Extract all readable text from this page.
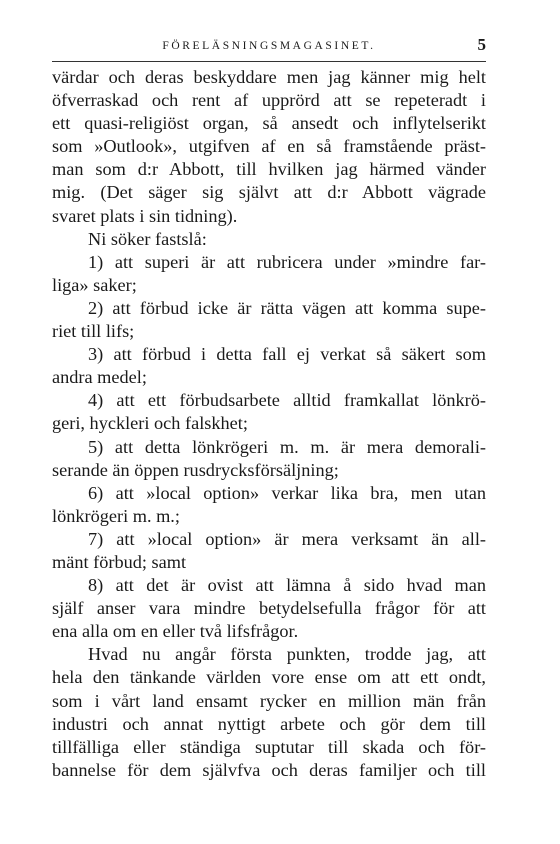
FÖRELÄSNINGSMAGASINET.	5
värdar och deras beskyddare men jag känner mig helt
öfverraskad och rent af upprörd att se repeteradt i
ett quasi-religiöst organ, så ansedt och inflytelserikt
som »Outlook», utgifven af en så framstående präst-
man som d:r Abbott, till hvilken jag härmed vänder
mig. (Det säger sig självt att d:r Abbott vägrade
svaret plats i sin tidning).
Ni söker fastslå:
1) att superi är att rubricera under »mindre far-
liga» saker;
2) att förbud icke är rätta vägen att komma supe-
riet till lifs;
3) att förbud i detta fall ej verkat så säkert som
andra medel;
4) att ett förbudsarbete alltid framkallat lönkrö-
geri, hyckleri och falskhet;
5) att detta lönkrögeri m. m. är mera demorali-
serande än öppen rusdrycksförsäljning;
6) att »local option» verkar lika bra, men utan
lönkrögeri m. m.;
7) att »local option» är mera verksamt än all-
mänt förbud; samt
8) att det är ovist att lämna å sido hvad man
själf anser vara mindre betydelsefulla frågor för att
ena alla om en eller två lifsfrågor.
Hvad nu angår första punkten, trodde jag, att
hela den tänkande världen vore ense om att ett ondt,
som i vårt land ensamt rycker en million män från
industri och annat nyttigt arbete och gör dem till
tillfälliga eller ständiga suptutar till skada och för-
bannelse för dem självfva och deras familjer och till
